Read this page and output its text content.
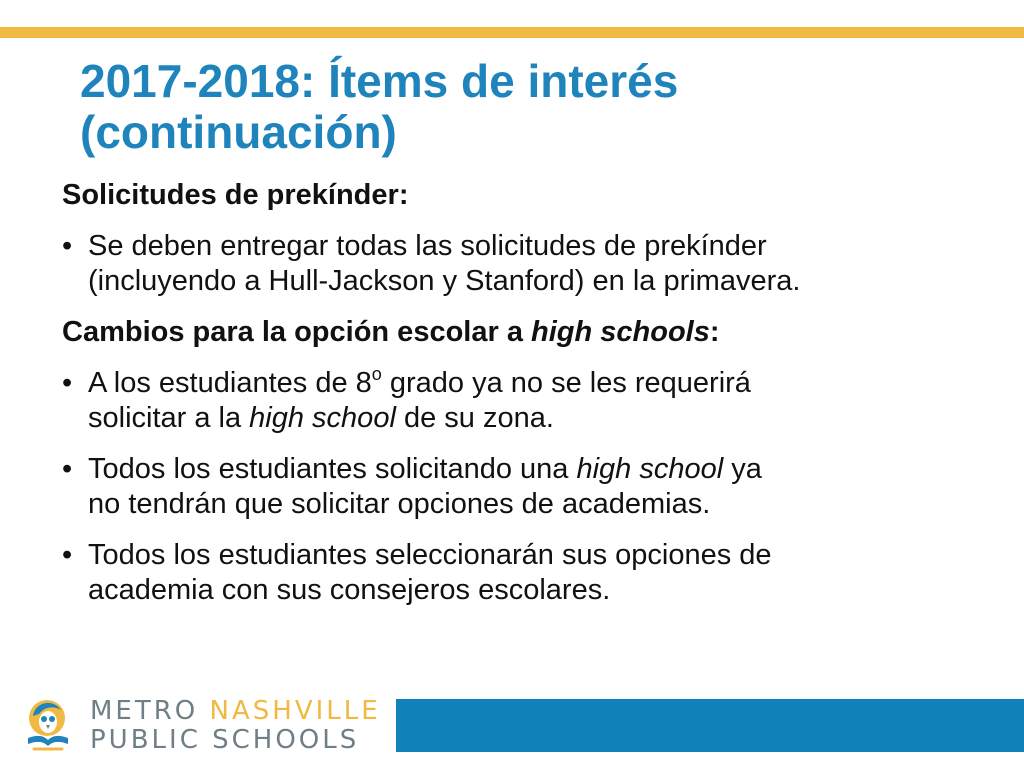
2017-2018: Ítems de interés
(continuación)

Solicitudes de prekínder:

• Se deben entregar todas las solicitudes de prekínder
(incluyendo a Hull-Jackson y Stanford) en la primavera.

Cambios para la opción escolar a high schools:

• A los estudiantes de 8$^o$ grado ya no se les requerirá
solicitar a la high school de su zona.
• Todos los estudiantes solicitando una high school ya
no tendrán que solicitar opciones de academias.
• Todos los estudiantes seleccionarán sus opciones de
academia con sus consejeros escolares.
METRO NASHVILLE
PUBLIC SCHOOLS
